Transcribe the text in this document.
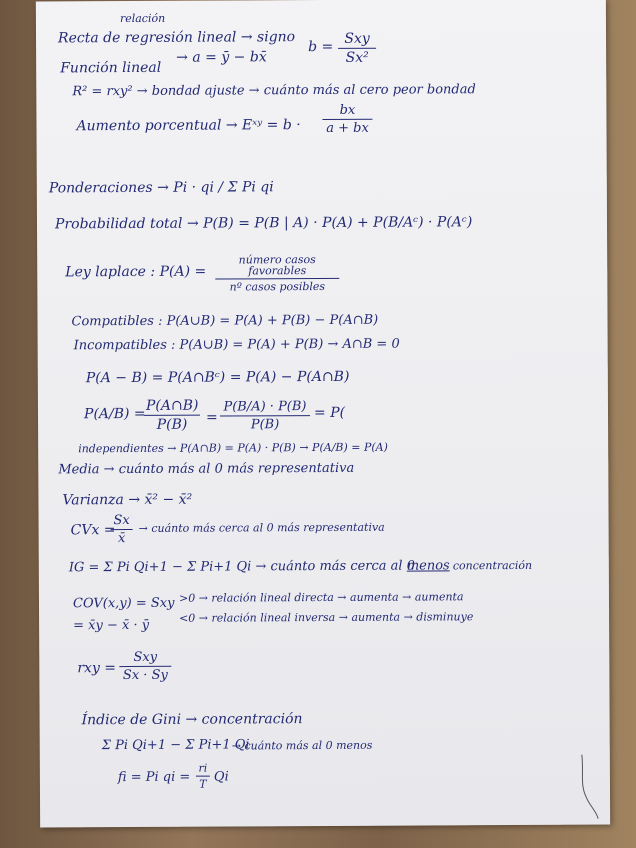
relación
Recta de regresión lineal → signo
b =
Sxy
Sx²
Función lineal
→ a = ȳ − bx̄
R² = rxy² → bondad ajuste → cuánto más al cero peor bondad
Aumento porcentual → Eˣʸ = $b \cdot \frac{bx}{a + bx}$
Ponderaciones → Pi · qi / Σ Pi qi
Probabilidad total → P(B) = P(B | A) · P(A) + P(B/Aᶜ) · P(Aᶜ)
Ley laplace : P(A) =
número casos favorables
nº casos posibles
Compatibles : P(A∪B) = P(A) + P(B) − P(A∩B)
Incompatibles : P(A∪B) = P(A) + P(B) → A∩B = 0
P(A − B) = P(A∩Bᶜ) = P(A) − P(A∩B)
P(A/B) =
$\frac{P(A\cap B)}{P(B)} = \frac{P(B/A) \cdot P(B)}{P(B)} = P$(
independientes → P(A∩B) = P(A) · P(B) → P(A/B) = P(A)
Media → cuánto más al 0 más representativa
Varianza → x̄² − x̄²
CVx =
$\frac{Sx}{x̄}$ → cuánto más cerca al 0 más representativa
IG = Σ Pi Qi+1 − Σ Pi+1 Qi → cuánto más cerca al 0
menos concentración
COV(x,y) = Sxy >0 → relación lineal directa → aumenta → aumenta
= x̄y − x̄ · ȳ
<0 → relación lineal inversa → aumenta → disminuye
rxy =
Sxy
Sx · Sy
Índice de Gini → concentración
Σ Pi Qi+1 − Σ Pi+1 Qi
→ cuánto más al 0 menos
fi = Pi qi = $\frac{ri}{T}$ Qi
